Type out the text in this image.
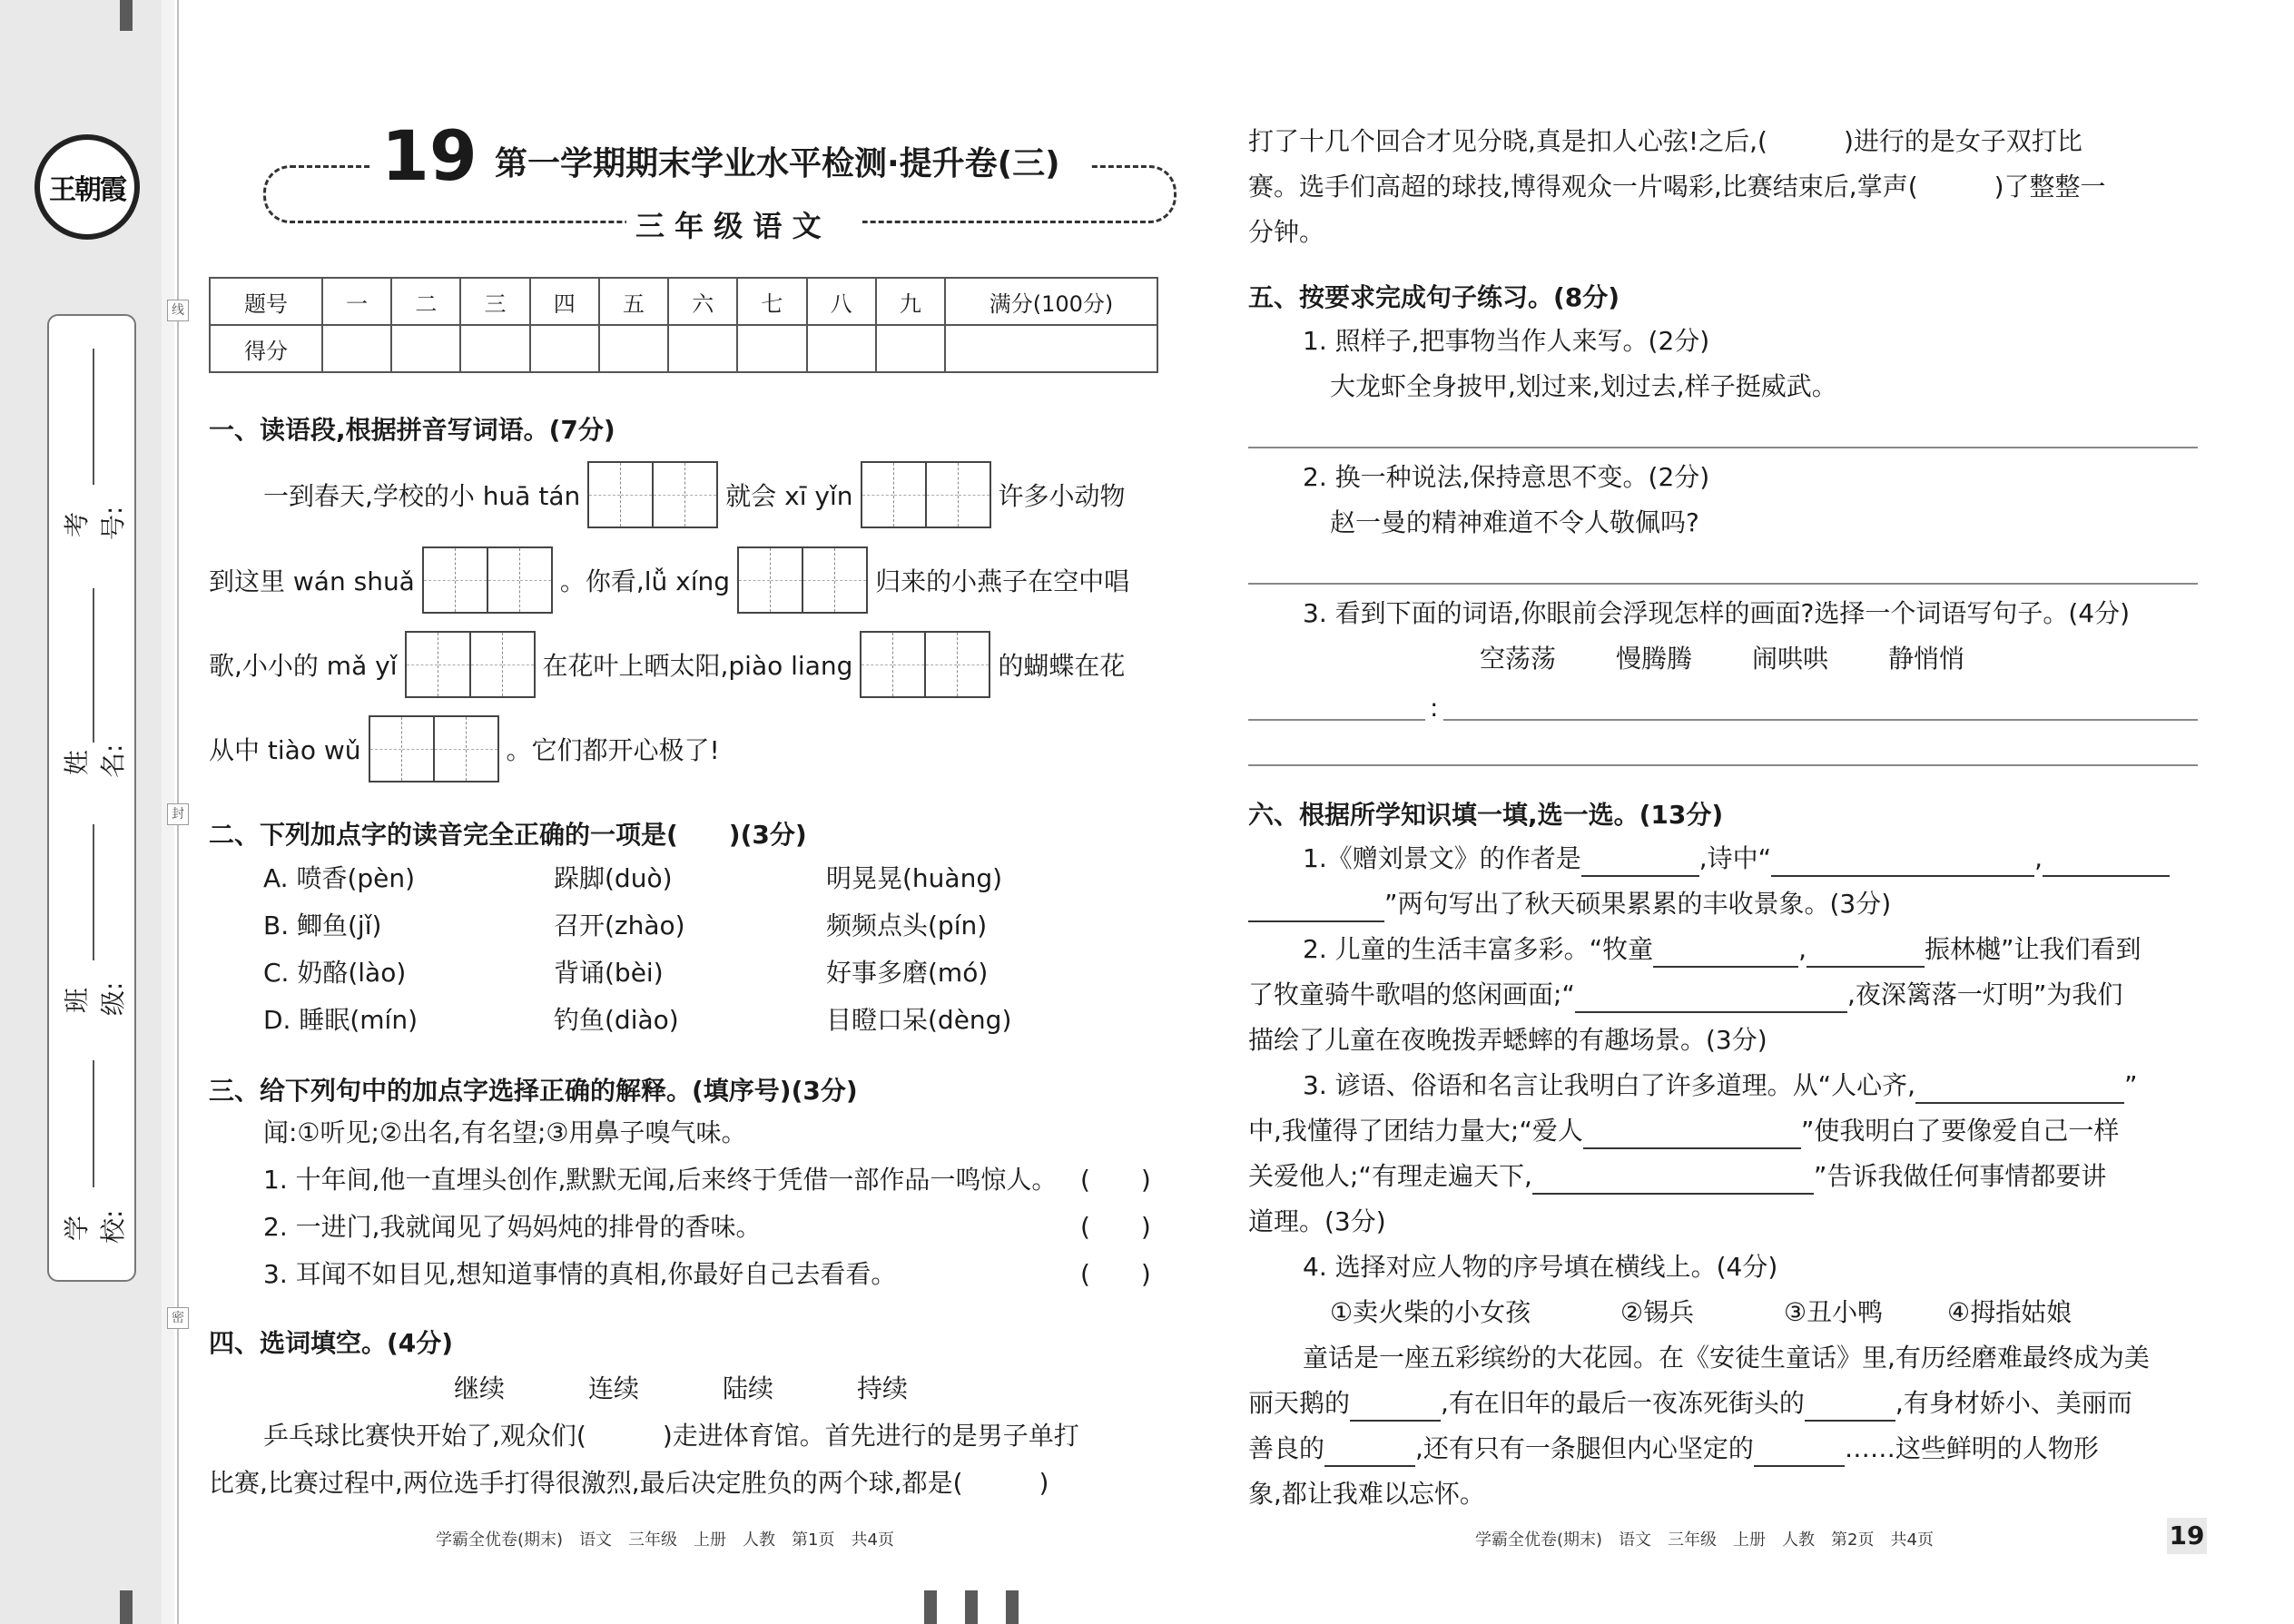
王朝霞
考号:
姓名:
班级:
学校:
线
封
密
19 第一学期期末学业水平检测·提升卷(三)
三 年 级 语 文
题号	一	二	三	四	五	六	七	八	九	满分(100分)
得分										
一、读语段,根据拼音写词语。(7分)
一到春天,学校的小 huā tán	就会 xī yǐn	许多小动物
到这里 wán shuǎ	。你看,lǚ xíng	归来的小燕子在空中唱
歌,小小的 mǎ yǐ	在花叶上晒太阳,piào liang	的蝴蝶在花
从中 tiào wǔ	。它们都开心极了!
二、下列加点字的读音完全正确的一项是(　　)(3分)
A. 喷香(pèn)	跺脚(duò)	明晃晃(huàng)
B. 鲫鱼(jǐ)	召开(zhào)	频频点头(pín)
C. 奶酪(lào)	背诵(bèi)	好事多磨(mó)
D. 睡眠(mín)	钓鱼(diào)	目瞪口呆(dèng)
三、给下列句中的加点字选择正确的解释。(填序号)(3分)
闻:①听见;②出名,有名望;③用鼻子嗅气味。
1. 十年间,他一直埋头创作,默默无闻,后来终于凭借一部作品一鸣惊人。 (　　)
2. 一进门,我就闻见了妈妈炖的排骨的香味。	(　　)
3. 耳闻不如目见,想知道事情的真相,你最好自己去看看。	(　　)
四、选词填空。(4分)
继续	连续	陆续	持续
乒乓球比赛快开始了,观众们(　　　)走进体育馆。首先进行的是男子单打
比赛,比赛过程中,两位选手打得很激烈,最后决定胜负的两个球,都是(　　　)
学霸全优卷(期末)　语文　三年级　上册　人教　第1页　共4页
打了十几个回合才见分晓,真是扣人心弦!之后,(　　　)进行的是女子双打比
赛。选手们高超的球技,博得观众一片喝彩,比赛结束后,掌声(　　　)了整整一
分钟。
五、按要求完成句子练习。(8分)
1. 照样子,把事物当作人来写。(2分)
大龙虾全身披甲,划过来,划过去,样子挺威武。
2. 换一种说法,保持意思不变。(2分)
赵一曼的精神难道不令人敬佩吗?
3. 看到下面的词语,你眼前会浮现怎样的画面?选择一个词语写句子。(4分)
空荡荡 慢腾腾 闹哄哄 静悄悄
:
六、根据所学知识填一填,选一选。(13分)
1.《赠刘景文》的作者是	,诗中“	,
”两句写出了秋天硕果累累的丰收景象。(3分)
2. 儿童的生活丰富多彩。“牧童	,	振林樾”让我们看到
了牧童骑牛歌唱的悠闲画面;“	,夜深篱落一灯明”为我们
描绘了儿童在夜晚拨弄蟋蟀的有趣场景。(3分)
3. 谚语、俗语和名言让我明白了许多道理。从“人心齐,	”
中,我懂得了团结力量大;“爱人	”使我明白了要像爱自己一样
关爱他人;“有理走遍天下,	”告诉我做任何事情都要讲
道理。(3分)
4. 选择对应人物的序号填在横线上。(4分)
①卖火柴的小女孩	②锡兵	③丑小鸭	④拇指姑娘
童话是一座五彩缤纷的大花园。在《安徒生童话》里,有历经磨难最终成为美
丽天鹅的	,有在旧年的最后一夜冻死街头的	,有身材娇小、美丽而
善良的	,还有只有一条腿但内心坚定的	……这些鲜明的人物形
象,都让我难以忘怀。
学霸全优卷(期末)　语文　三年级　上册　人教　第2页　共4页	19
